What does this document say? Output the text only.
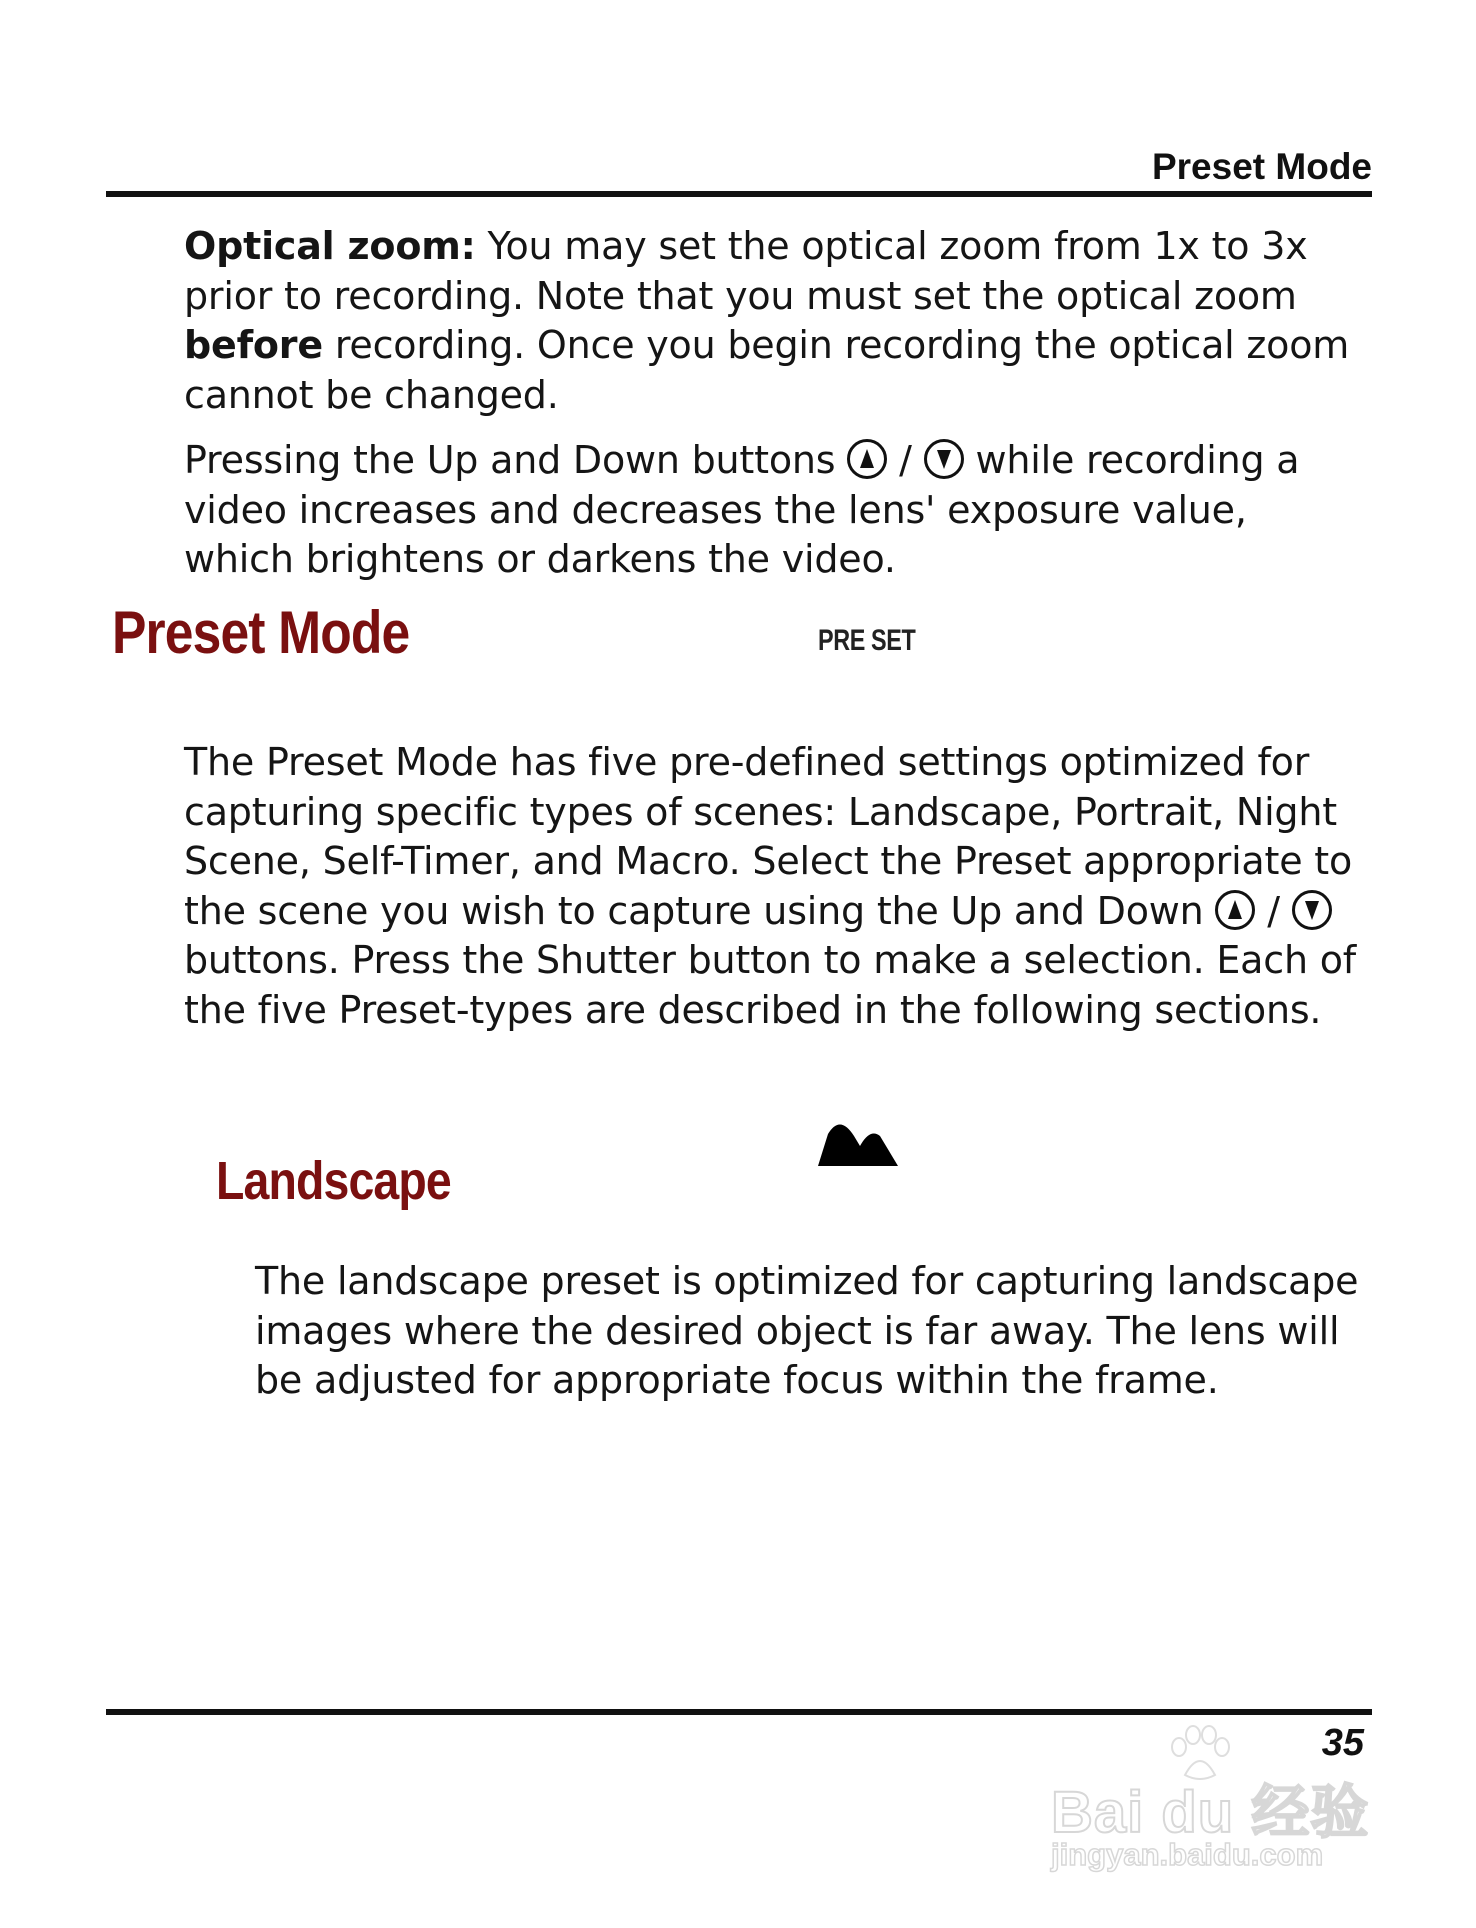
Preset Mode

Optical zoom: You may set the optical zoom from 1x to 3x prior to recording. Note that you must set the optical zoom before recording. Once you begin recording the optical zoom cannot be changed.

Pressing the Up and Down buttons
/
while recording a video increases and decreases the lens' exposure value, which brightens or darkens the video.

Preset Mode	PRE SET

The Preset Mode has five pre-defined settings optimized for capturing specific types of scenes: Landscape, Portrait, Night Scene, Self-Timer, and Macro. Select the Preset appropriate to the scene you wish to capture using the Up and Down
/
buttons. Press the Shutter button to make a selection. Each of the five Preset-types are described in the following sections.

Landscape

The landscape preset is optimized for capturing landscape images where the desired object is far away. The lens will be adjusted for appropriate focus within the frame.

35
Bai du 经验
jingyan.baidu.com
